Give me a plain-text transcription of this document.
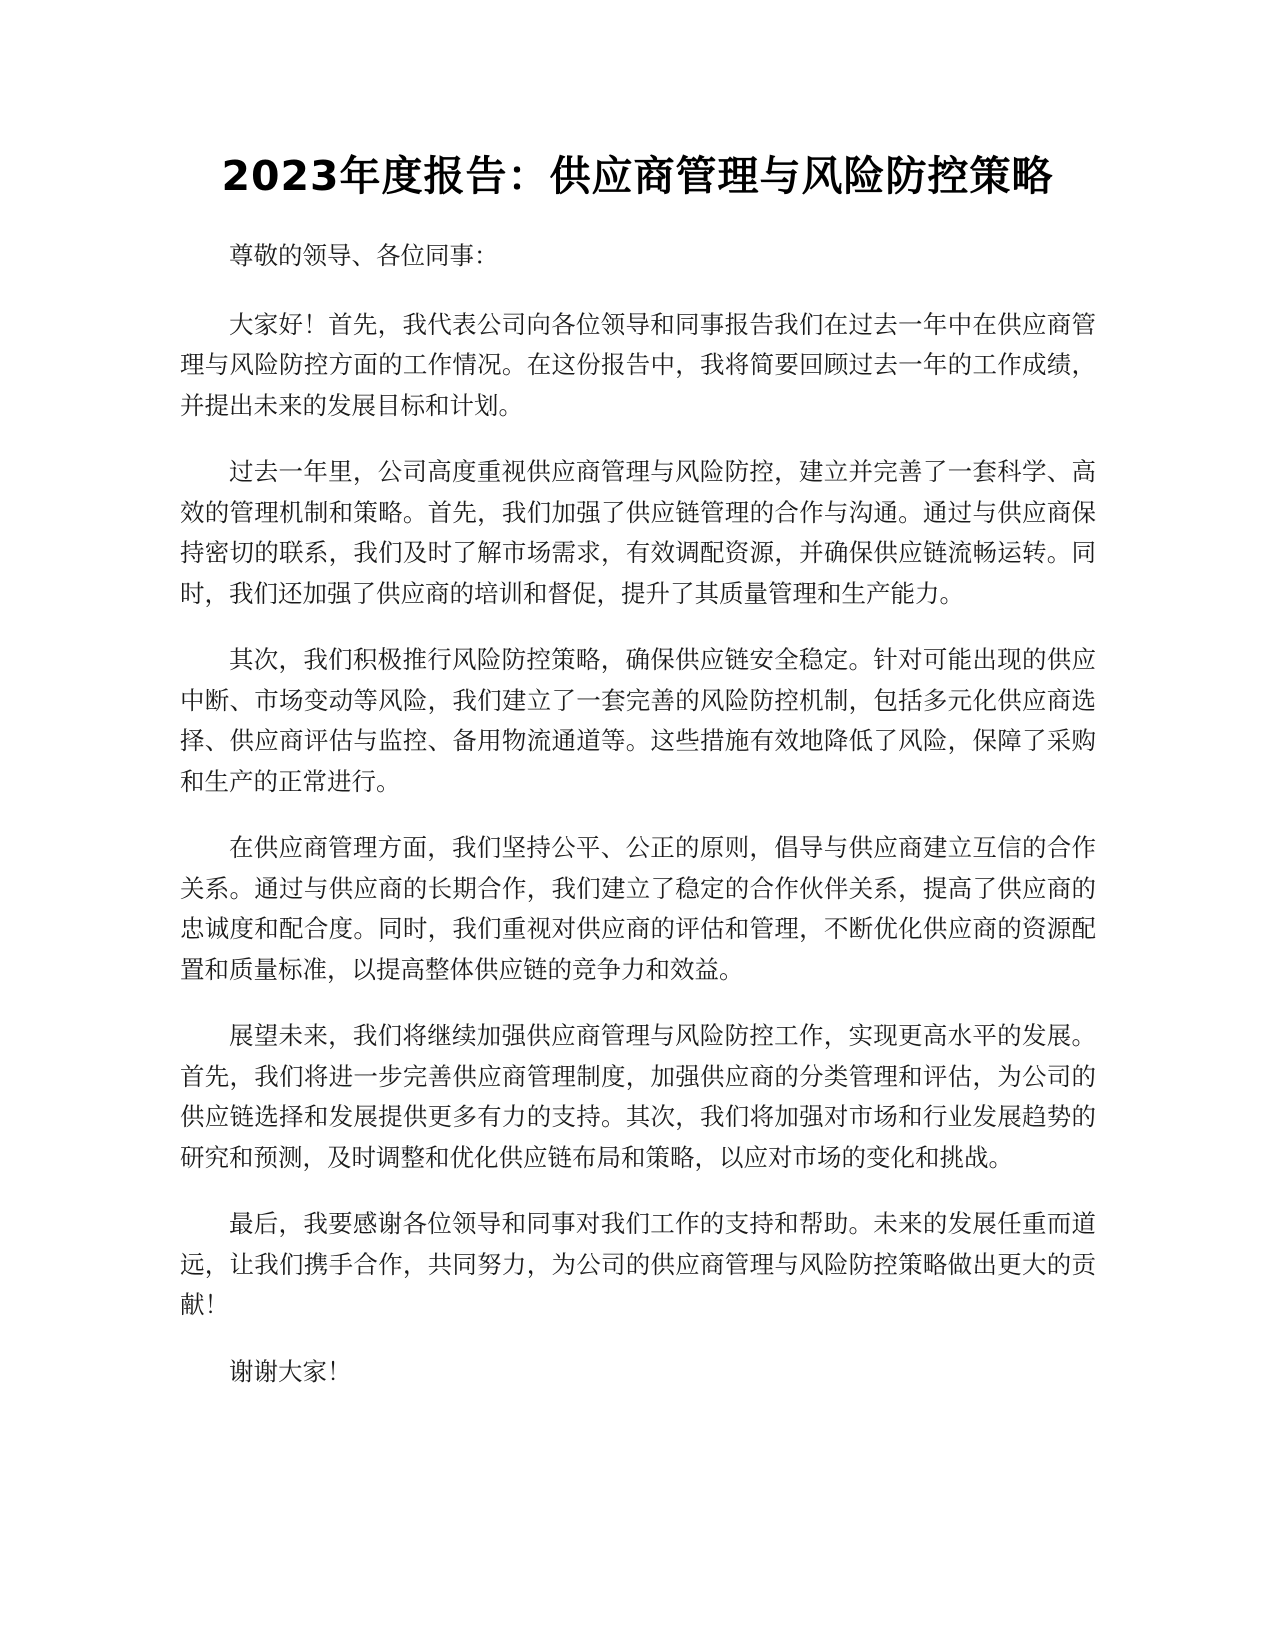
2023年度报告：供应商管理与风险防控策略

尊敬的领导、各位同事：

大家好！首先，我代表公司向各位领导和同事报告我们在过去一年中在供应商管理与风险防控方面的工作情况。在这份报告中，我将简要回顾过去一年的工作成绩，并提出未来的发展目标和计划。

过去一年里，公司高度重视供应商管理与风险防控，建立并完善了一套科学、高效的管理机制和策略。首先，我们加强了供应链管理的合作与沟通。通过与供应商保持密切的联系，我们及时了解市场需求，有效调配资源，并确保供应链流畅运转。同时，我们还加强了供应商的培训和督促，提升了其质量管理和生产能力。

其次，我们积极推行风险防控策略，确保供应链安全稳定。针对可能出现的供应中断、市场变动等风险，我们建立了一套完善的风险防控机制，包括多元化供应商选择、供应商评估与监控、备用物流通道等。这些措施有效地降低了风险，保障了采购和生产的正常进行。

在供应商管理方面，我们坚持公平、公正的原则，倡导与供应商建立互信的合作关系。通过与供应商的长期合作，我们建立了稳定的合作伙伴关系，提高了供应商的忠诚度和配合度。同时，我们重视对供应商的评估和管理，不断优化供应商的资源配置和质量标准，以提高整体供应链的竞争力和效益。

展望未来，我们将继续加强供应商管理与风险防控工作，实现更高水平的发展。首先，我们将进一步完善供应商管理制度，加强供应商的分类管理和评估，为公司的供应链选择和发展提供更多有力的支持。其次，我们将加强对市场和行业发展趋势的研究和预测，及时调整和优化供应链布局和策略，以应对市场的变化和挑战。

最后，我要感谢各位领导和同事对我们工作的支持和帮助。未来的发展任重而道远，让我们携手合作，共同努力，为公司的供应商管理与风险防控策略做出更大的贡献！

谢谢大家！
